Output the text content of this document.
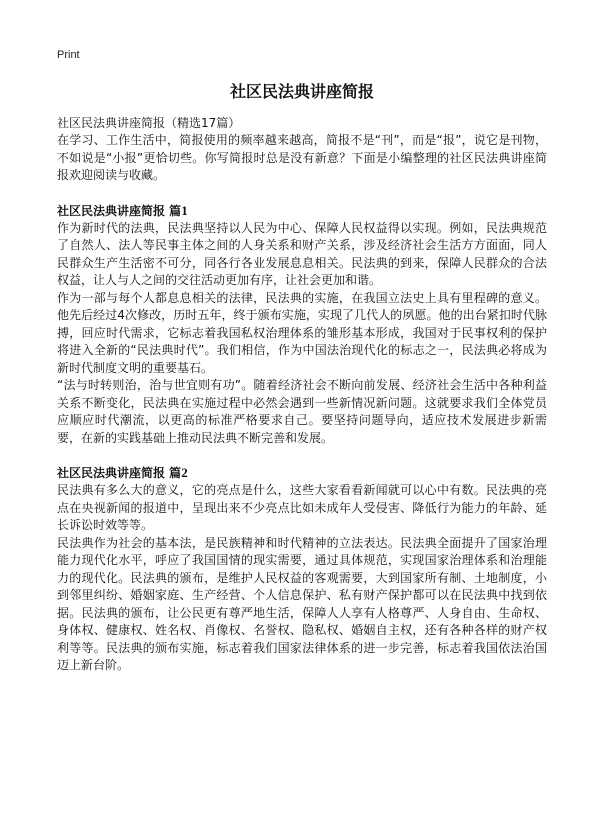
Print
社区民法典讲座简报
社区民法典讲座简报（精选17篇）

在学习、工作生活中，简报使用的频率越来越高，简报不是“刊”，而是“报”，说它是刊物，不如说是“小报”更恰切些。你写简报时总是没有新意？下面是小编整理的社区民法典讲座简报欢迎阅读与收藏。

社区民法典讲座简报 篇1

作为新时代的法典，民法典坚持以人民为中心、保障人民权益得以实现。例如，民法典规范了自然人、法人等民事主体之间的人身关系和财产关系，涉及经济社会生活方方面面，同人民群众生产生活密不可分，同各行各业发展息息相关。民法典的到来，保障人民群众的合法权益，让人与人之间的交往活动更加有序，让社会更加和谐。

作为一部与每个人都息息相关的法律，民法典的实施，在我国立法史上具有里程碑的意义。他先后经过4次修改，历时五年，终于颁布实施，实现了几代人的夙愿。他的出台紧扣时代脉搏，回应时代需求，它标志着我国私权治理体系的雏形基本形成，我国对于民事权利的保护将进入全新的“民法典时代”。我们相信，作为中国法治现代化的标志之一，民法典必将成为新时代制度文明的重要基石。

“法与时转则治，治与世宜则有功”。随着经济社会不断向前发展、经济社会生活中各种利益关系不断变化，民法典在实施过程中必然会遇到一些新情况新问题。这就要求我们全体党员应顺应时代潮流，以更高的标准严格要求自己。要坚持问题导向，适应技术发展进步新需要，在新的实践基础上推动民法典不断完善和发展。

社区民法典讲座简报 篇2

民法典有多么大的意义，它的亮点是什么，这些大家看看新闻就可以心中有数。民法典的亮点在央视新闻的报道中，呈现出来不少亮点比如未成年人受侵害、降低行为能力的年龄、延长诉讼时效等等。

民法典作为社会的基本法，是民族精神和时代精神的立法表达。民法典全面提升了国家治理能力现代化水平，呼应了我国国情的现实需要，通过具体规范，实现国家治理体系和治理能力的现代化。民法典的颁布，是维护人民权益的客观需要，大到国家所有制、土地制度，小到邻里纠纷、婚姻家庭、生产经营、个人信息保护、私有财产保护都可以在民法典中找到依据。民法典的颁布，让公民更有尊严地生活，保障人人享有人格尊严、人身自由、生命权、身体权、健康权、姓名权、肖像权、名誉权、隐私权、婚姻自主权，还有各种各样的财产权利等等。民法典的颁布实施，标志着我们国家法律体系的进一步完善，标志着我国依法治国迈上新台阶。
